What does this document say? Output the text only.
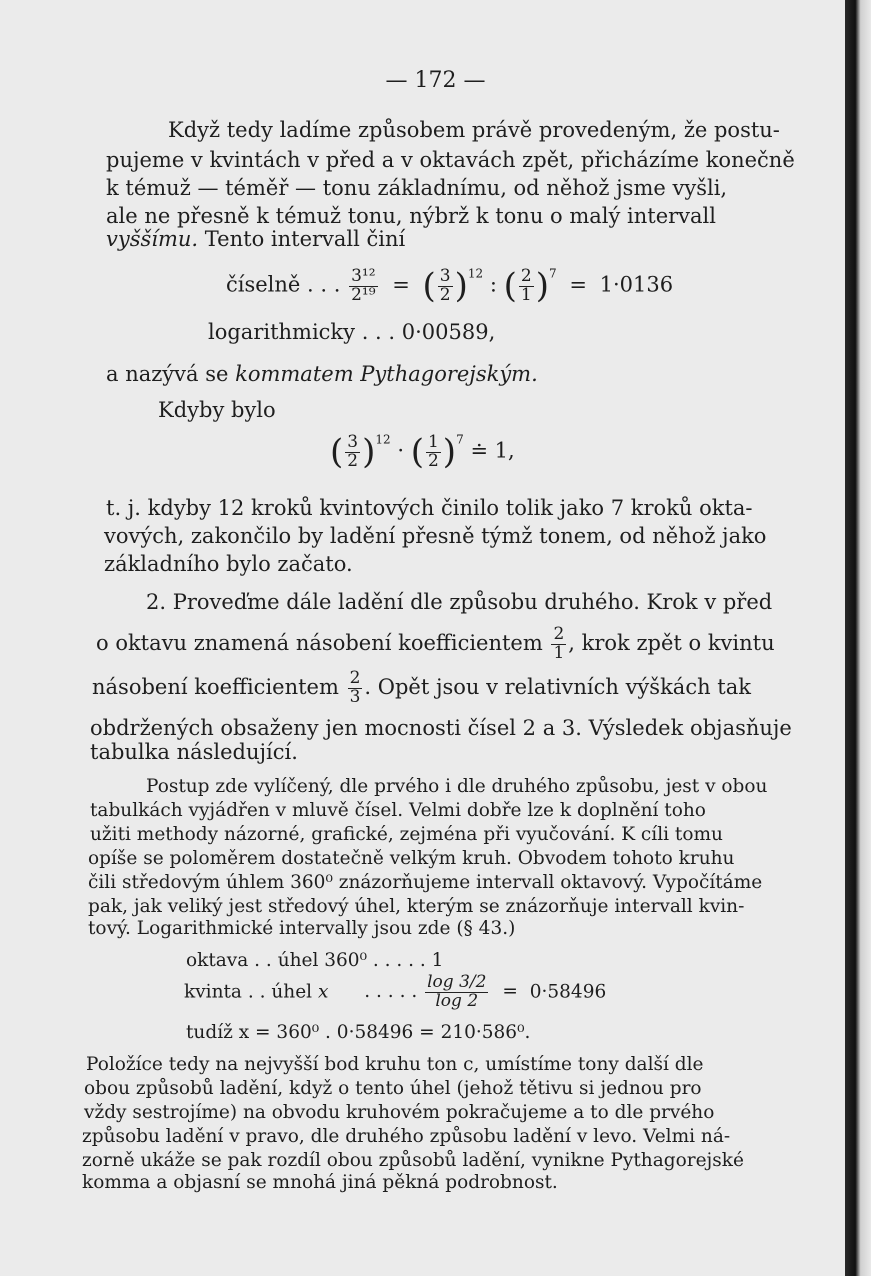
— 172 —
Když tedy ladíme způsobem právě provedeným, že postu-
pujeme v kvintách v před a v oktavách zpět, přicházíme konečně
k témuž — téměř — tonu základnímu, od něhož jsme vyšli,
ale ne přesně k témuž tonu, nýbrž k tonu o malý intervall
vyššímu. Tento intervall činí
číselně . . . $\frac{\text{3¹²}}{\text{2¹⁹}}$ = ( $\frac{3}{2} )^{12}$ : ( $\frac{2}{1} )^7 = 1\cdot 0136$
logarithmicky . . . 0·00589,
a nazývá se kommatem Pythagorejským.
Kdyby bylo
( $\frac{3}{2} )^{12}$ · ( $\frac{1}{2} )^7$ ≐ 1,
t. j. kdyby 12 kroků kvintových činilo tolik jako 7 kroků okta-
vových, zakončilo by ladění přesně týmž tonem, od něhož jako
základního bylo začato.
2. Proveďme dále ladění dle způsobu druhého. Krok v před
o oktavu znamená násobení koefficientem $\frac{2}{1}$ , krok zpět o kvintu
násobení koefficientem $\frac{2}{3}$ . Opět jsou v relativních výškách tak
obdržených obsaženy jen mocnosti čísel 2 a 3. Výsledek objasňuje
tabulka následující.
Postup zde vylíčený, dle prvého i dle druhého způsobu, jest v obou
tabulkách vyjádřen v mluvě čísel. Velmi dobře lze k doplnění toho
užiti methody názorné, grafické, zejména při vyučování. K cíli tomu
opíše se poloměrem dostatečně velkým kruh. Obvodem tohoto kruhu
čili středovým úhlem 360⁰ znázorňujeme intervall oktavový. Vypočítáme
pak, jak veliký jest středový úhel, kterým se znázorňuje intervall kvin-
tový. Logarithmické intervally jsou zde (§ 43.)
oktava . . úhel 360⁰ . . . . . 1
kvinta . . úhel x . . . . . $\frac{\log 3/2}{\log 2} = 0\cdot 58496$
tudíž x = 360⁰ . 0·58496 = 210·586⁰.
Položíce tedy na nejvyšší bod kruhu ton c, umístíme tony další dle
obou způsobů ladění, když o tento úhel (jehož tětivu si jednou pro
vždy sestrojíme) na obvodu kruhovém pokračujeme a to dle prvého
způsobu ladění v pravo, dle druhého způsobu ladění v levo. Velmi ná-
zorně ukáže se pak rozdíl obou způsobů ladění, vynikne Pythagorejské
komma a objasní se mnohá jiná pěkná podrobnost.
